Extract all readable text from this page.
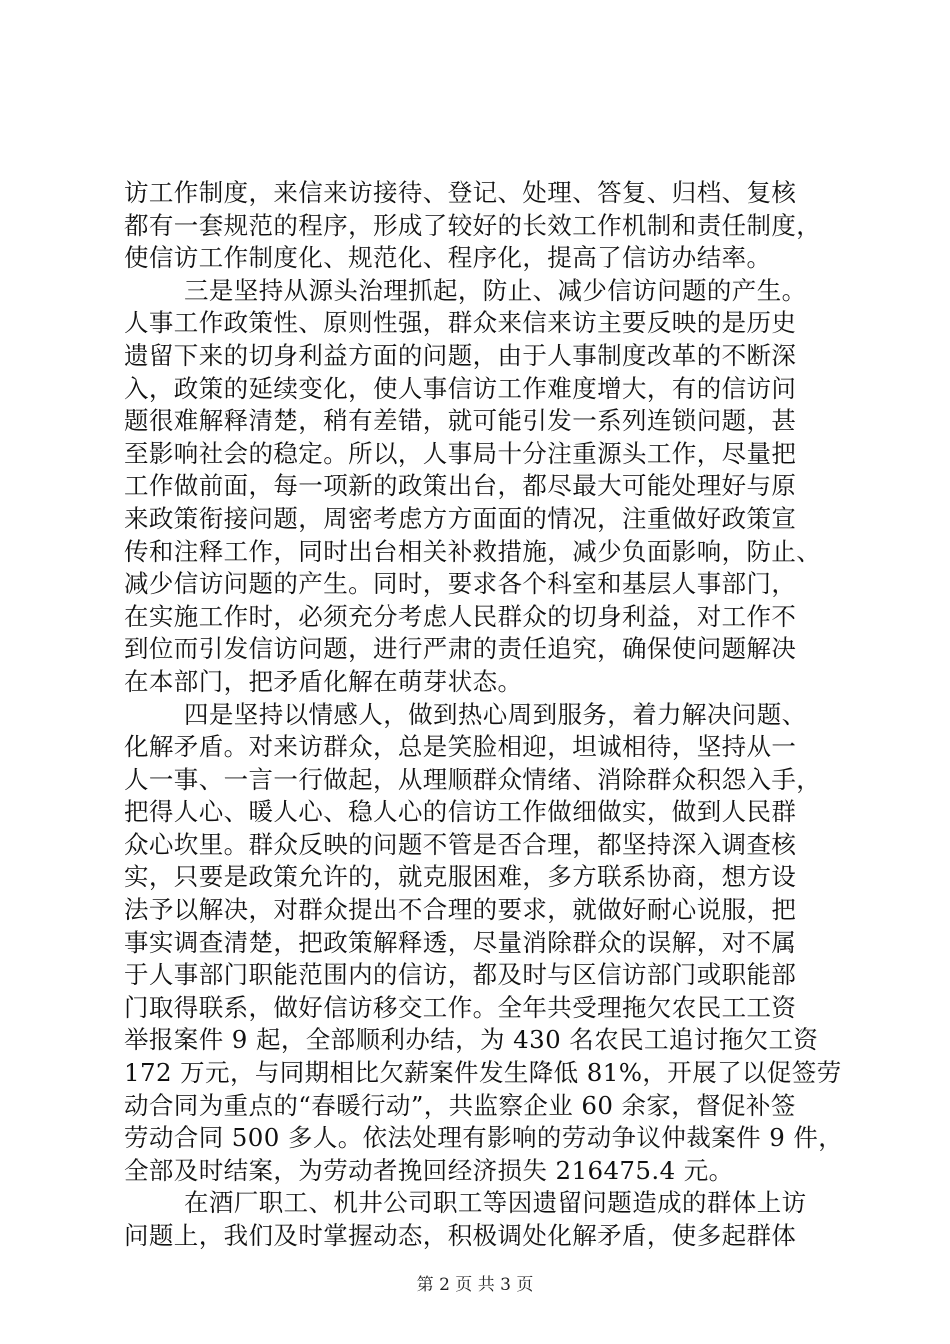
访工作制度，来信来访接待、登记、处理、答复、归档、复核
都有一套规范的程序，形成了较好的长效工作机制和责任制度，
使信访工作制度化、规范化、程序化，提高了信访办结率。
三是坚持从源头治理抓起，防止、减少信访问题的产生。
人事工作政策性、原则性强，群众来信来访主要反映的是历史
遗留下来的切身利益方面的问题，由于人事制度改革的不断深
入，政策的延续变化，使人事信访工作难度增大，有的信访问
题很难解释清楚，稍有差错，就可能引发一系列连锁问题，甚
至影响社会的稳定。所以，人事局十分注重源头工作，尽量把
工作做前面，每一项新的政策出台，都尽最大可能处理好与原
来政策衔接问题，周密考虑方方面面的情况，注重做好政策宣
传和注释工作，同时出台相关补救措施，减少负面影响，防止、
减少信访问题的产生。同时，要求各个科室和基层人事部门，
在实施工作时，必须充分考虑人民群众的切身利益，对工作不
到位而引发信访问题，进行严肃的责任追究，确保使问题解决
在本部门，把矛盾化解在萌芽状态。
四是坚持以情感人，做到热心周到服务，着力解决问题、
化解矛盾。对来访群众，总是笑脸相迎，坦诚相待，坚持从一
人一事、一言一行做起，从理顺群众情绪、消除群众积怨入手，
把得人心、暖人心、稳人心的信访工作做细做实，做到人民群
众心坎里。群众反映的问题不管是否合理，都坚持深入调查核
实，只要是政策允许的，就克服困难，多方联系协商，想方设
法予以解决，对群众提出不合理的要求，就做好耐心说服，把
事实调查清楚，把政策解释透，尽量消除群众的误解，对不属
于人事部门职能范围内的信访，都及时与区信访部门或职能部
门取得联系，做好信访移交工作。全年共受理拖欠农民工工资
举报案件 9 起，全部顺利办结，为 430 名农民工追讨拖欠工资
172 万元，与同期相比欠薪案件发生降低 81%，开展了以促签劳
动合同为重点的“春暖行动”，共监察企业 60 余家，督促补签
劳动合同 500 多人。依法处理有影响的劳动争议仲裁案件 9 件，
全部及时结案，为劳动者挽回经济损失 216475.4 元。
在酒厂职工、机井公司职工等因遗留问题造成的群体上访
问题上，我们及时掌握动态，积极调处化解矛盾，使多起群体
第 2 页 共 3 页
